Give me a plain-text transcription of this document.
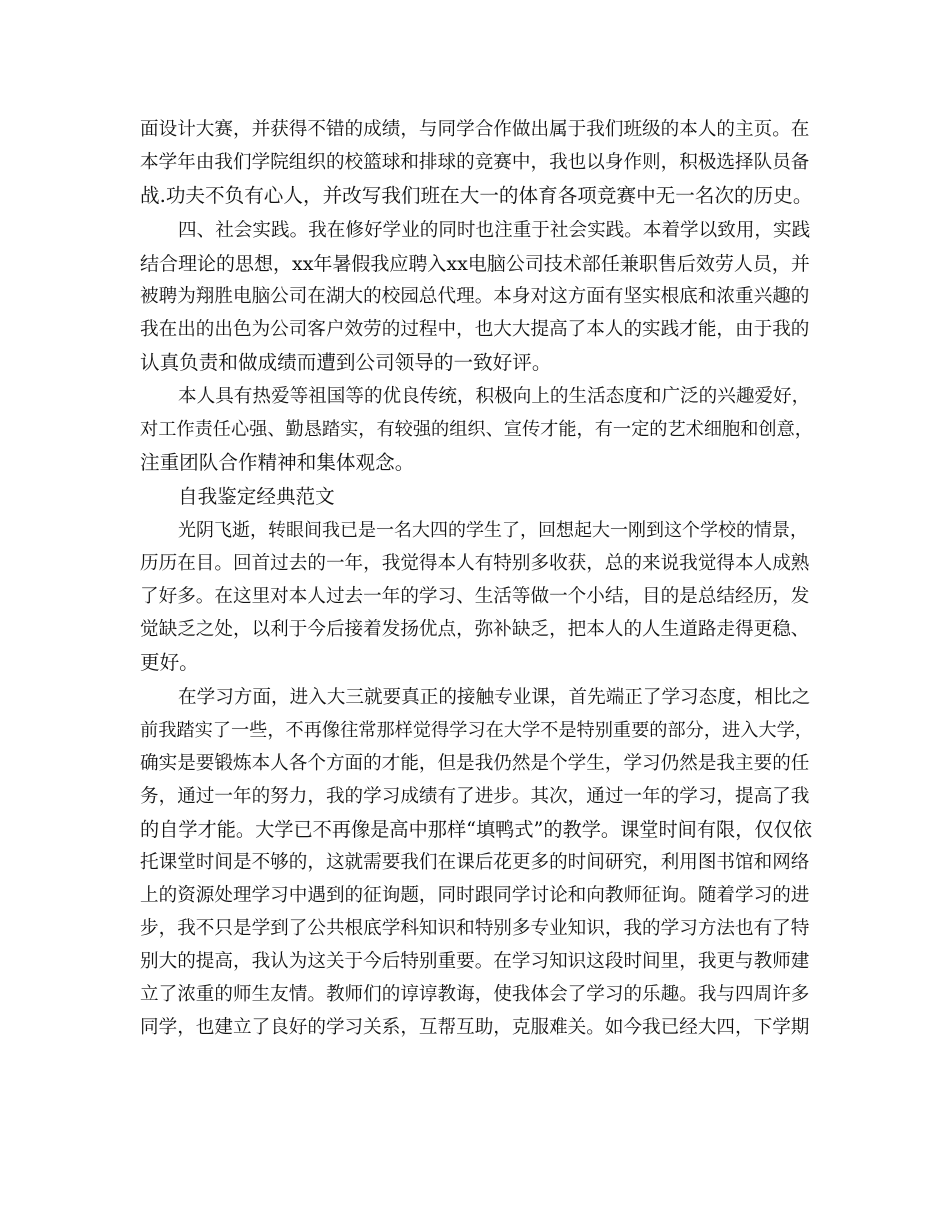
面设计大赛，并获得不错的成绩，与同学合作做出属于我们班级的本人的主页。在
本学年由我们学院组织的校篮球和排球的竞赛中，我也以身作则，积极选择队员备
战.功夫不负有心人，并改写我们班在大一的体育各项竞赛中无一名次的历史。
四、社会实践。我在修好学业的同时也注重于社会实践。本着学以致用，实践
结合理论的思想，xx年暑假我应聘入xx电脑公司技术部任兼职售后效劳人员，并
被聘为翔胜电脑公司在湖大的校园总代理。本身对这方面有坚实根底和浓重兴趣的
我在出的出色为公司客户效劳的过程中，也大大提高了本人的实践才能，由于我的
认真负责和做成绩而遭到公司领导的一致好评。
本人具有热爱等祖国等的优良传统，积极向上的生活态度和广泛的兴趣爱好，
对工作责任心强、勤恳踏实，有较强的组织、宣传才能，有一定的艺术细胞和创意，
注重团队合作精神和集体观念。
自我鉴定经典范文
光阴飞逝，转眼间我已是一名大四的学生了，回想起大一刚到这个学校的情景，
历历在目。回首过去的一年，我觉得本人有特别多收获，总的来说我觉得本人成熟
了好多。在这里对本人过去一年的学习、生活等做一个小结，目的是总结经历，发
觉缺乏之处，以利于今后接着发扬优点，弥补缺乏，把本人的人生道路走得更稳、
更好。
在学习方面，进入大三就要真正的接触专业课，首先端正了学习态度，相比之
前我踏实了一些，不再像往常那样觉得学习在大学不是特别重要的部分，进入大学，
确实是要锻炼本人各个方面的才能，但是我仍然是个学生，学习仍然是我主要的任
务，通过一年的努力，我的学习成绩有了进步。其次，通过一年的学习，提高了我
的自学才能。大学已不再像是高中那样“填鸭式”的教学。课堂时间有限，仅仅依
托课堂时间是不够的，这就需要我们在课后花更多的时间研究，利用图书馆和网络
上的资源处理学习中遇到的征询题，同时跟同学讨论和向教师征询。随着学习的进
步，我不只是学到了公共根底学科知识和特别多专业知识，我的学习方法也有了特
别大的提高，我认为这关于今后特别重要。在学习知识这段时间里，我更与教师建
立了浓重的师生友情。教师们的谆谆教诲，使我体会了学习的乐趣。我与四周许多
同学，也建立了良好的学习关系，互帮互助，克服难关。如今我已经大四，下学期
